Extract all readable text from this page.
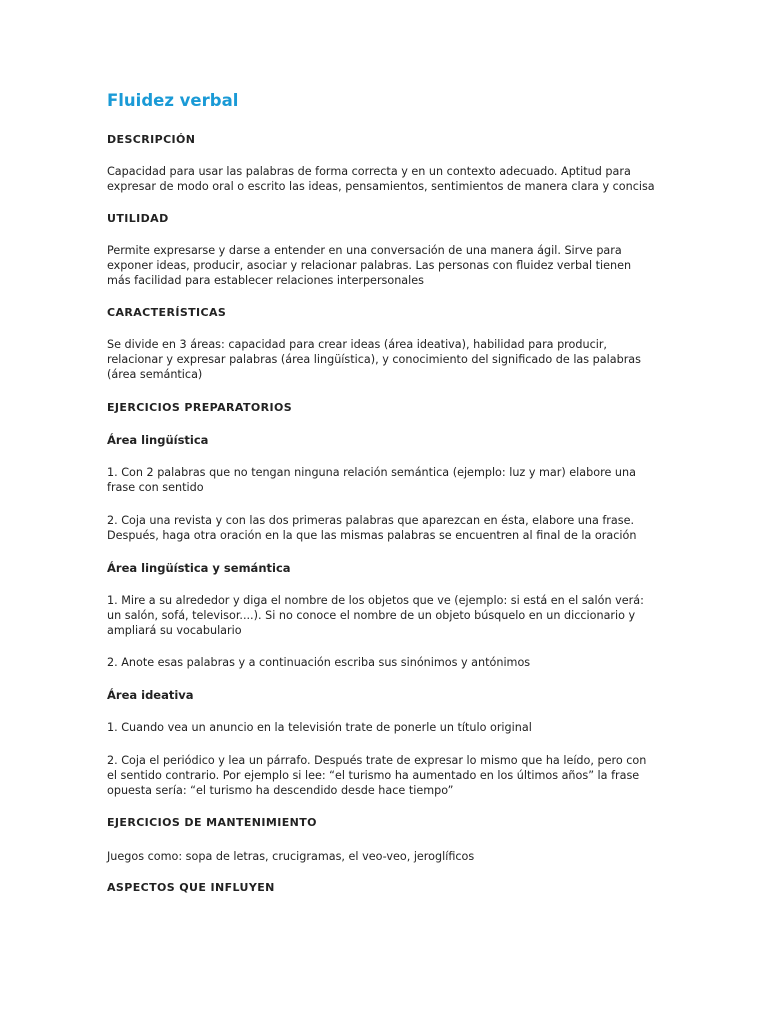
Fluidez verbal
DESCRIPCIÓN

Capacidad para usar las palabras de forma correcta y en un contexto adecuado. Aptitud para
expresar de modo oral o escrito las ideas, pensamientos, sentimientos de manera clara y concisa

UTILIDAD

Permite expresarse y darse a entender en una conversación de una manera ágil. Sirve para
exponer ideas, producir, asociar y relacionar palabras. Las personas con fluidez verbal tienen
más facilidad para establecer relaciones interpersonales

CARACTERÍSTICAS

Se divide en 3 áreas: capacidad para crear ideas (área ideativa), habilidad para producir,
relacionar y expresar palabras (área lingüística), y conocimiento del significado de las palabras
(área semántica)

EJERCICIOS PREPARATORIOS
Área lingüística

1. Con 2 palabras que no tengan ninguna relación semántica (ejemplo: luz y mar) elabore una
frase con sentido

2. Coja una revista y con las dos primeras palabras que aparezcan en ésta, elabore una frase.
Después, haga otra oración en la que las mismas palabras se encuentren al final de la oración

Área lingüística y semántica

1. Mire a su alrededor y diga el nombre de los objetos que ve (ejemplo: si está en el salón verá:
un salón, sofá, televisor....). Si no conoce el nombre de un objeto búsquelo en un diccionario y
ampliará su vocabulario

2. Anote esas palabras y a continuación escriba sus sinónimos y antónimos

Área ideativa

1. Cuando vea un anuncio en la televisión trate de ponerle un título original

2. Coja el periódico y lea un párrafo. Después trate de expresar lo mismo que ha leído, pero con
el sentido contrario. Por ejemplo si lee: “el turismo ha aumentado en los últimos años” la frase
opuesta sería: “el turismo ha descendido desde hace tiempo”

EJERCICIOS DE MANTENIMIENTO

Juegos como: sopa de letras, crucigramas, el veo-veo, jeroglíficos

ASPECTOS QUE INFLUYEN
